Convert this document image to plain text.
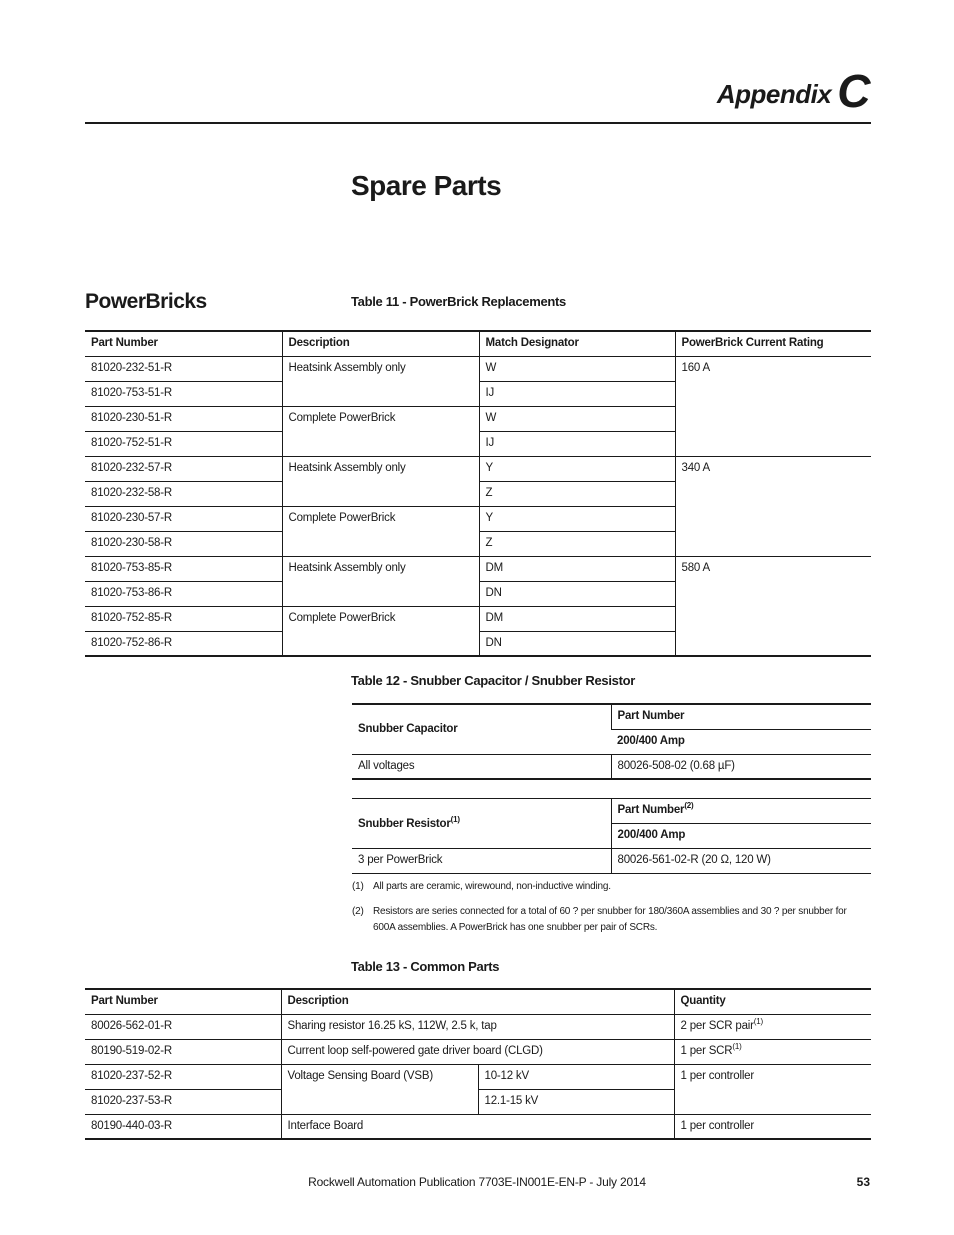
Appendix C
Spare Parts
PowerBricks	Table 11 - PowerBrick Replacements
Part Number	Description	Match Designator	PowerBrick Current Rating
81020-232-51-R	Heatsink Assembly only	W	160 A
81020-753-51-R		IJ	
81020-230-51-R	Complete PowerBrick	W	
81020-752-51-R		IJ	
81020-232-57-R	Heatsink Assembly only	Y	340 A
81020-232-58-R		Z	
81020-230-57-R	Complete PowerBrick	Y	
81020-230-58-R		Z	
81020-753-85-R	Heatsink Assembly only	DM	580 A
81020-753-86-R		DN	
81020-752-85-R	Complete PowerBrick	DM	
81020-752-86-R		DN	
Table 12 - Snubber Capacitor / Snubber Resistor
Snubber Capacitor	Part Number
	200/400 Amp
All voltages	80026-508-02 (0.68 µF)
Snubber Resistor$^{(1)}$	Part Number$^{(2)}$
	200/400 Amp
3 per PowerBrick	80026-561-02-R (20 Ω, 120 W)
(1) All parts are ceramic, wirewound, non-inductive winding.
(2) Resistors are series connected for a total of 60 ? per snubber for 180/360A assemblies and 30 ? per snubber for 600A assemblies. A PowerBrick has one snubber per pair of SCRs.
Table 13 - Common Parts
Part Number	Description		Quantity
80026-562-01-R	Sharing resistor 16.25 kS, 112W, 2.5 k, tap		2 per SCR pair$^{(1)}$
80190-519-02-R	Current loop self-powered gate driver board (CLGD)		1 per SCR$^{(1)}$
81020-237-52-R	Voltage Sensing Board (VSB)	10-12 kV	1 per controller
81020-237-53-R		12.1-15 kV	
80190-440-03-R	Interface Board		1 per controller
Rockwell Automation Publication 7703E-IN001E-EN-P - July 2014	53
